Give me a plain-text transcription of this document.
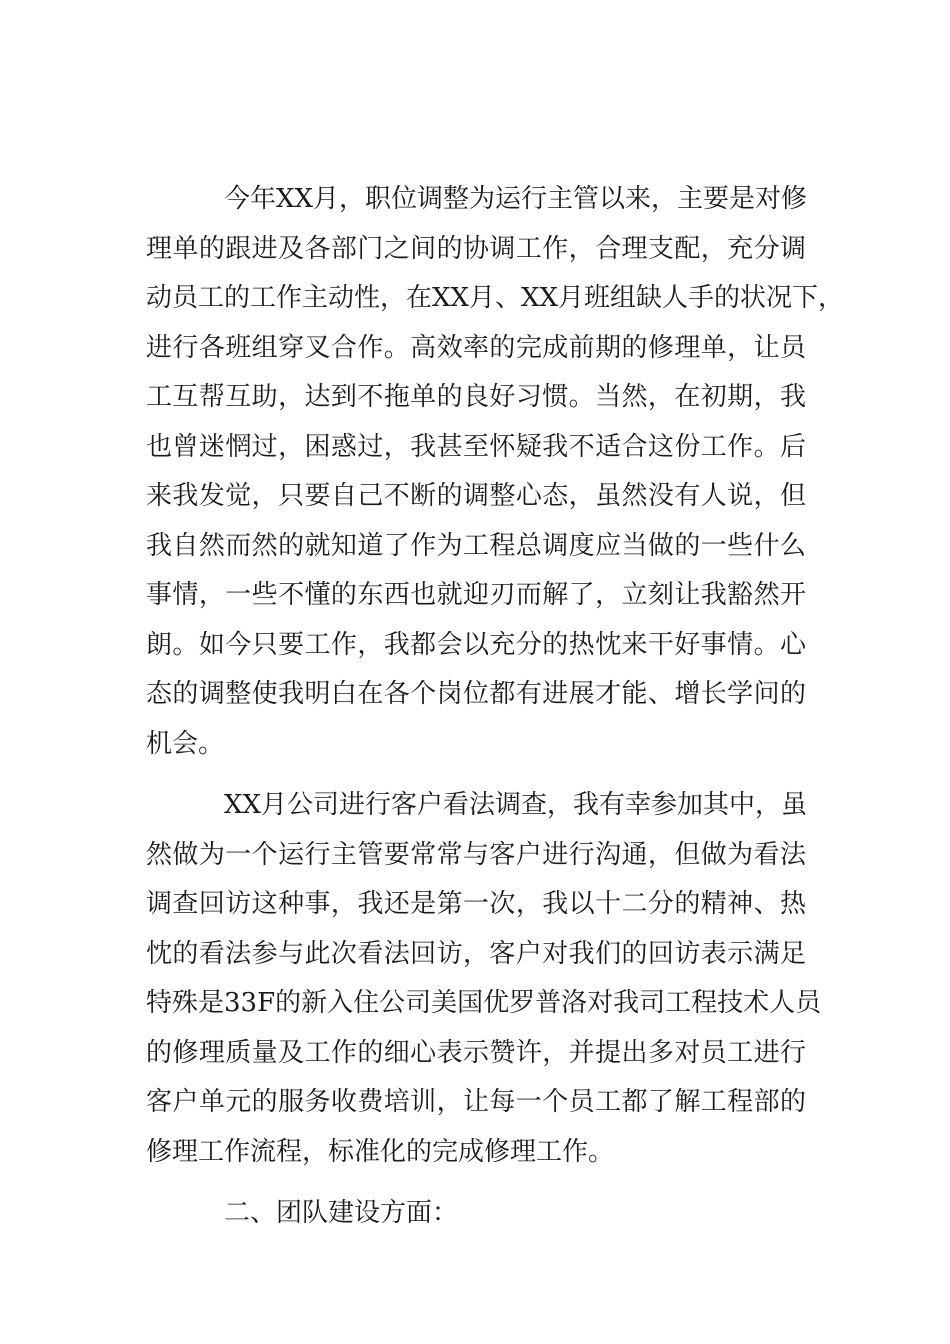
今年XX月，职位调整为运行主管以来，主要是对修
理单的跟进及各部门之间的协调工作，合理支配，充分调
动员工的工作主动性，在XX月、XX月班组缺人手的状况下，
进行各班组穿叉合作。高效率的完成前期的修理单，让员
工互帮互助，达到不拖单的良好习惯。当然，在初期，我
也曾迷惘过，困惑过，我甚至怀疑我不适合这份工作。后
来我发觉，只要自己不断的调整心态，虽然没有人说，但
我自然而然的就知道了作为工程总调度应当做的一些什么
事情，一些不懂的东西也就迎刃而解了，立刻让我豁然开
朗。如今只要工作，我都会以充分的热忱来干好事情。心
态的调整使我明白在各个岗位都有进展才能、增长学问的
机会。
XX月公司进行客户看法调查，我有幸参加其中，虽
然做为一个运行主管要常常与客户进行沟通，但做为看法
调查回访这种事，我还是第一次，我以十二分的精神、热
忱的看法参与此次看法回访，客户对我们的回访表示满足
特殊是33F的新入住公司美国优罗普洛对我司工程技术人员
的修理质量及工作的细心表示赞许，并提出多对员工进行
客户单元的服务收费培训，让每一个员工都了解工程部的
修理工作流程，标准化的完成修理工作。
二、团队建设方面：
